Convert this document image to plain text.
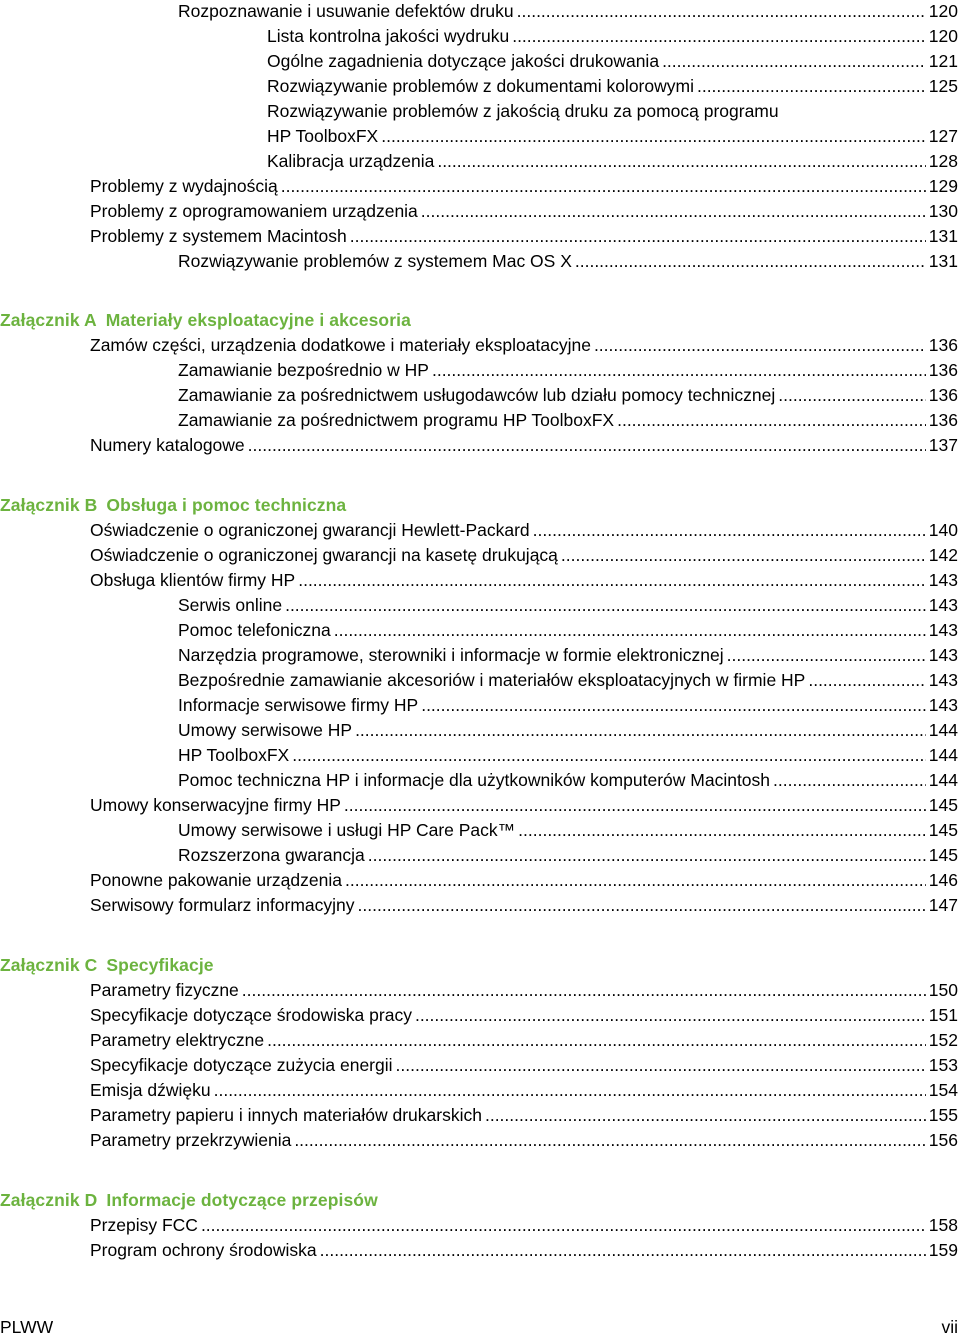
Rozpoznawanie i usuwanie defektów druku .....	120
Lista kontrolna jakości wydruku .....	120
Ogólne zagadnienia dotyczące jakości drukowania .....	121
Rozwiązywanie problemów z dokumentami kolorowymi .....	125
Rozwiązywanie problemów z jakością druku za pomocą programu
HP ToolboxFX .....	127
Kalibracja urządzenia .....	128
Problemy z wydajnością .....	129
Problemy z oprogramowaniem urządzenia .....	130
Problemy z systemem Macintosh .....	131
Rozwiązywanie problemów z systemem Mac OS X .....	131
Załącznik A Materiały eksploatacyjne i akcesoria
Zamów części, urządzenia dodatkowe i materiały eksploatacyjne .....	136
Zamawianie bezpośrednio w HP .....	136
Zamawianie za pośrednictwem usługodawców lub działu pomocy technicznej .....	136
Zamawianie za pośrednictwem programu HP ToolboxFX .....	136
Numery katalogowe .....	137
Załącznik B Obsługa i pomoc techniczna
Oświadczenie o ograniczonej gwarancji Hewlett-Packard .....	140
Oświadczenie o ograniczonej gwarancji na kasetę drukującą .....	142
Obsługa klientów firmy HP .....	143
Serwis online .....	143
Pomoc telefoniczna .....	143
Narzędzia programowe, sterowniki i informacje w formie elektronicznej .....	143
Bezpośrednie zamawianie akcesoriów i materiałów eksploatacyjnych w firmie HP .....	143
Informacje serwisowe firmy HP .....	143
Umowy serwisowe HP .....	144
HP ToolboxFX .....	144
Pomoc techniczna HP i informacje dla użytkowników komputerów Macintosh .....	144
Umowy konserwacyjne firmy HP .....	145
Umowy serwisowe i usługi HP Care Pack™ .....	145
Rozszerzona gwarancja .....	145
Ponowne pakowanie urządzenia .....	146
Serwisowy formularz informacyjny .....	147
Załącznik C Specyfikacje
Parametry fizyczne .....	150
Specyfikacje dotyczące środowiska pracy .....	151
Parametry elektryczne .....	152
Specyfikacje dotyczące zużycia energii .....	153
Emisja dźwięku .....	154
Parametry papieru i innych materiałów drukarskich .....	155
Parametry przekrzywienia .....	156
Załącznik D Informacje dotyczące przepisów
Przepisy FCC .....	158
Program ochrony środowiska .....	159
PLWW	vii
